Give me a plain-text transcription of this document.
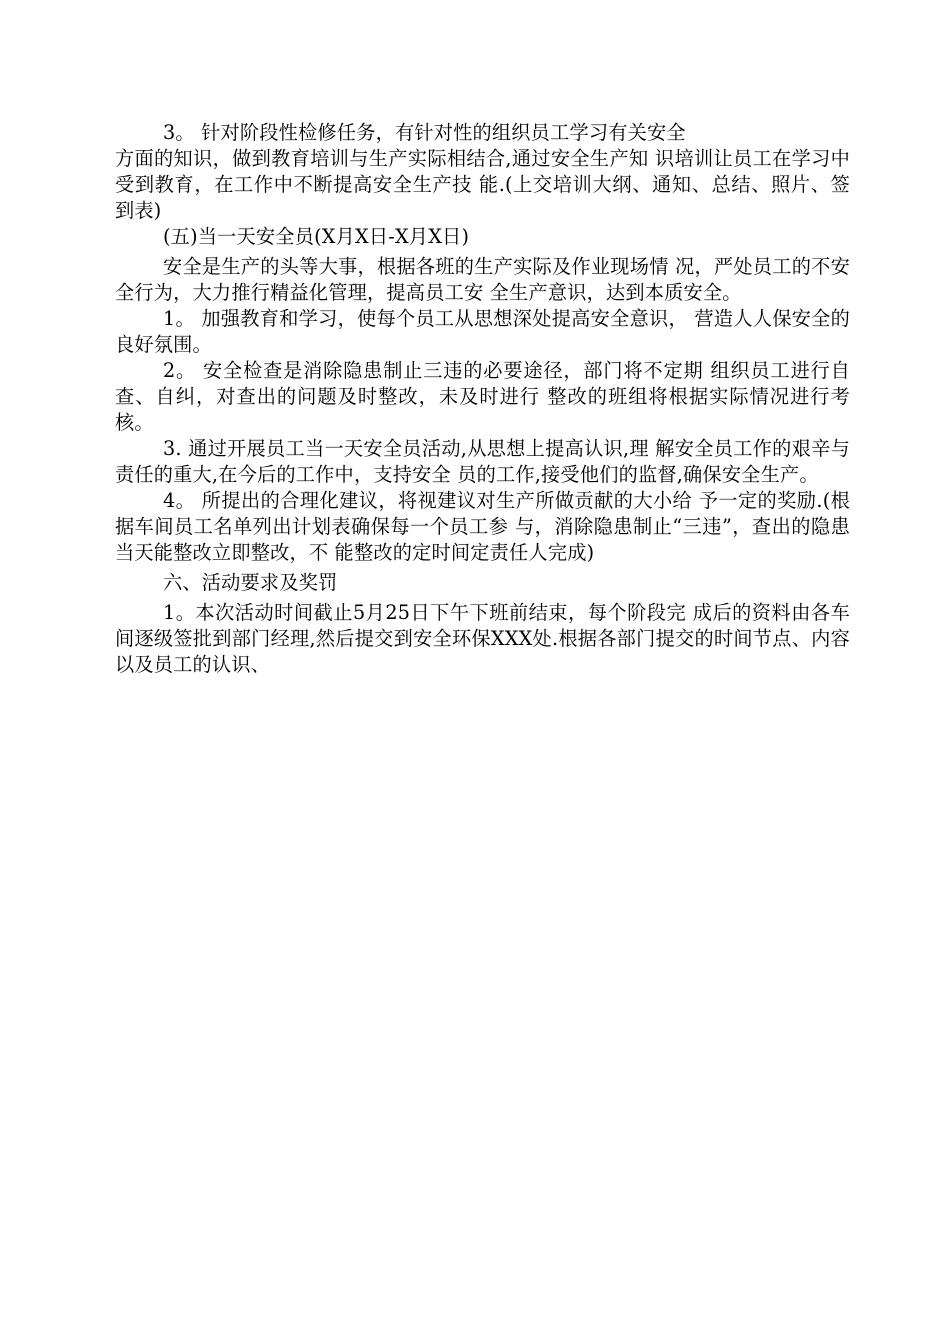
3。 针对阶段性检修任务，有针对性的组织员工学习有关安全

方面的知识，做到教育培训与生产实际相结合,通过安全生产知 识培训让员工在学习中受到教育，在工作中不断提高安全生产技 能.(上交培训大纲、通知、总结、照片、签到表)

(五)当一天安全员(X月X日-X月X日)

安全是生产的头等大事，根据各班的生产实际及作业现场情 况，严处员工的不安全行为，大力推行精益化管理，提高员工安 全生产意识，达到本质安全。

1。 加强教育和学习，使每个员工从思想深处提高安全意识， 营造人人保安全的良好氛围。

2。 安全检查是消除隐患制止三违的必要途径，部门将不定期 组织员工进行自查、自纠，对查出的问题及时整改，未及时进行 整改的班组将根据实际情况进行考核。

3. 通过开展员工当一天安全员活动,从思想上提高认识,理 解安全员工作的艰辛与责任的重大,在今后的工作中，支持安全 员的工作,接受他们的监督,确保安全生产。

4。 所提出的合理化建议，将视建议对生产所做贡献的大小给 予一定的奖励.(根据车间员工名单列出计划表确保每一个员工参 与，消除隐患制止“三违”，查出的隐患当天能整改立即整改，不 能整改的定时间定责任人完成)

六、活动要求及奖罚

1。本次活动时间截止5月25日下午下班前结束，每个阶段完 成后的资料由各车间逐级签批到部门经理,然后提交到安全环保XXX处.根据各部门提交的时间节点、内容以及员工的认识、
